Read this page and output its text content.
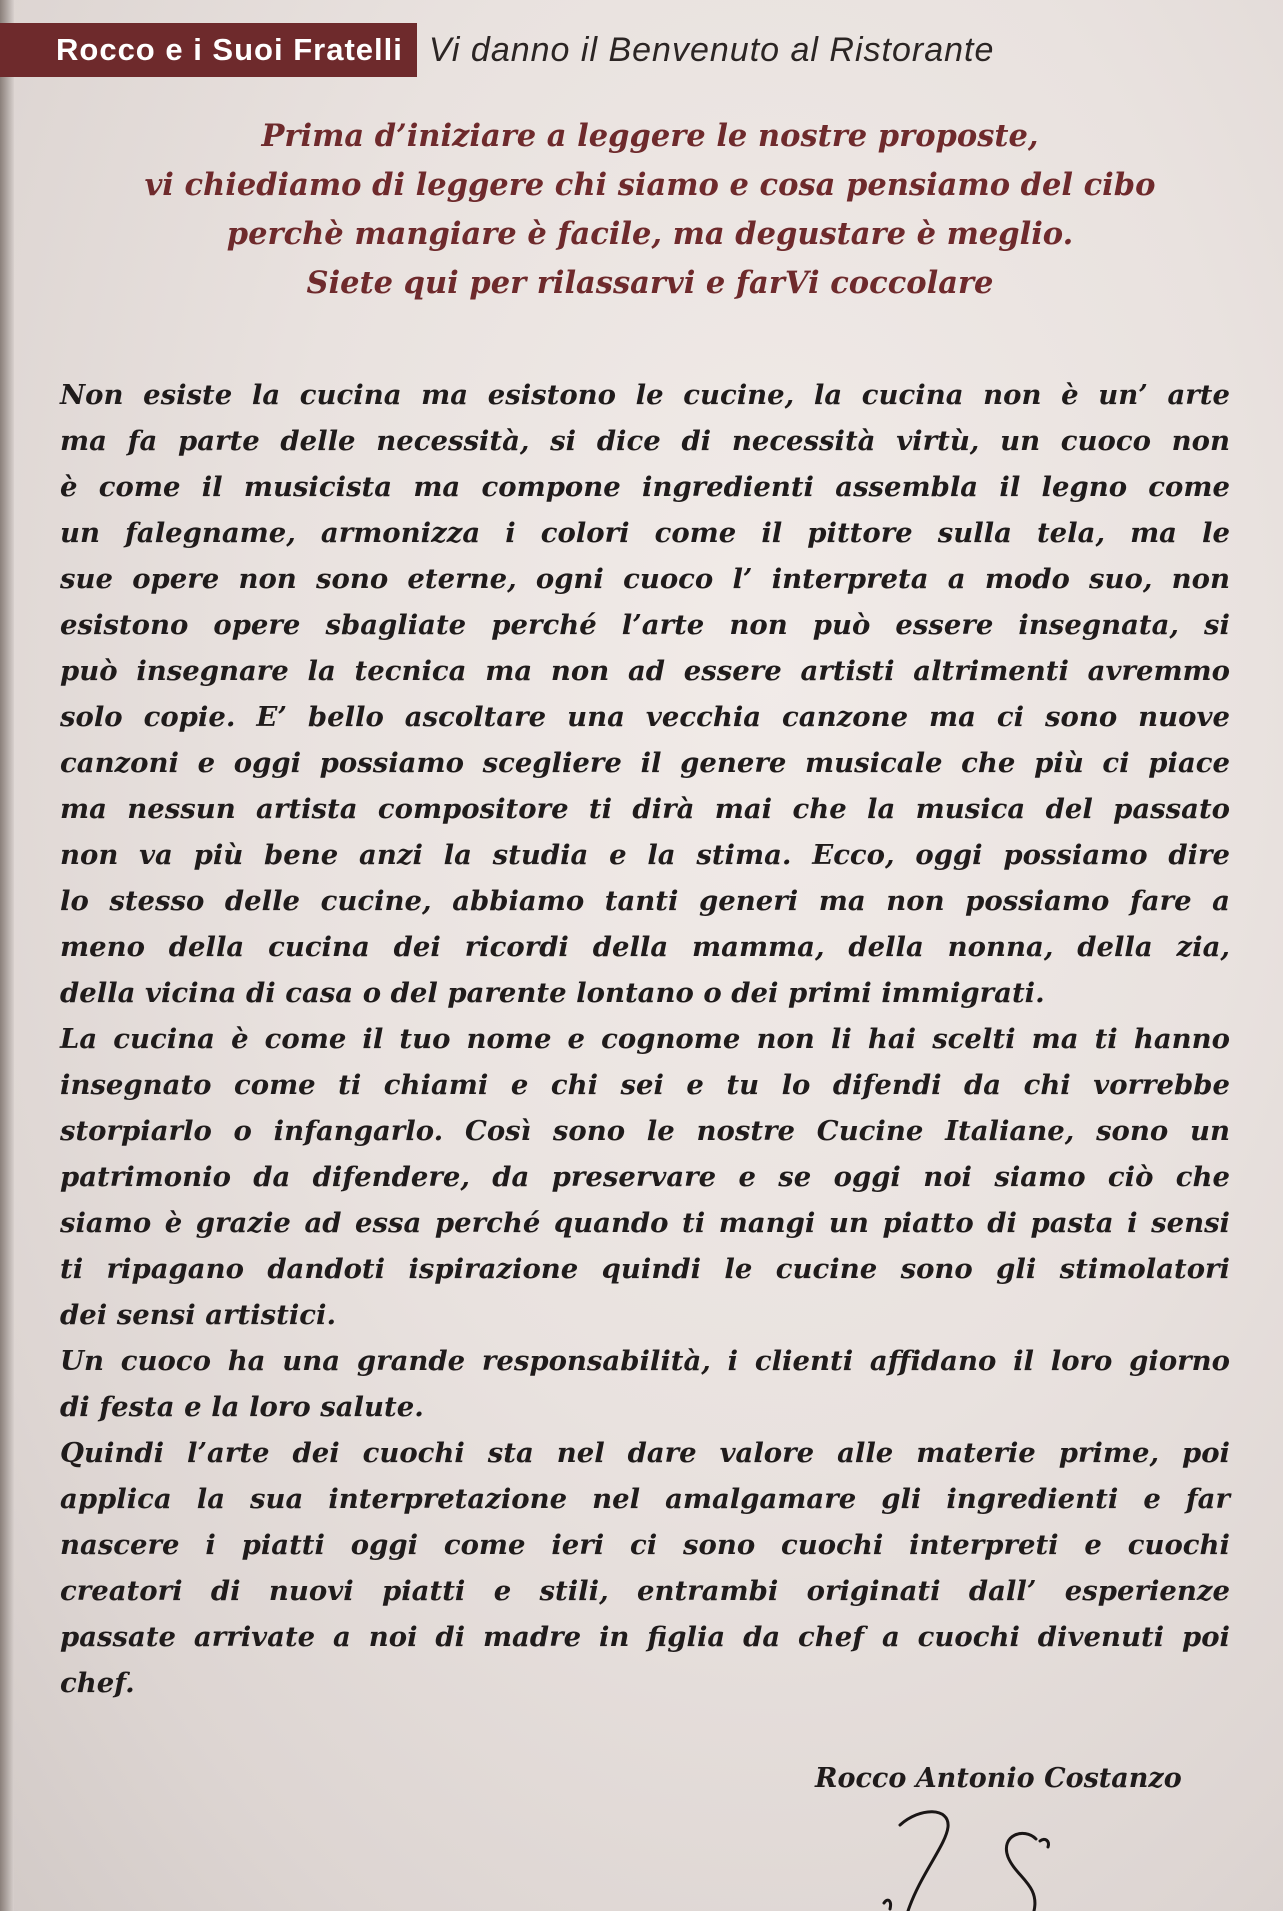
Rocco e i Suoi Fratelli Vi danno il Benvenuto al Ristorante
Prima d’iniziare a leggere le nostre proposte,
vi chiediamo di leggere chi siamo e cosa pensiamo del cibo
perchè mangiare è facile, ma degustare è meglio.
Siete qui per rilassarvi e farVi coccolare
Non esiste la cucina ma esistono le cucine, la cucina non è un’ arte
ma fa parte delle necessità, si dice di necessità virtù, un cuoco non
è come il musicista ma compone ingredienti assembla il legno come
un falegname, armonizza i colori come il pittore sulla tela, ma le
sue opere non sono eterne, ogni cuoco l’ interpreta a modo suo, non
esistono opere sbagliate perché l’arte non può essere insegnata, si
può insegnare la tecnica ma non ad essere artisti altrimenti avremmo
solo copie. E’ bello ascoltare una vecchia canzone ma ci sono nuove
canzoni e oggi possiamo scegliere il genere musicale che più ci piace
ma nessun artista compositore ti dirà mai che la musica del passato
non va più bene anzi la studia e la stima. Ecco, oggi possiamo dire
lo stesso delle cucine, abbiamo tanti generi ma non possiamo fare a
meno della cucina dei ricordi della mamma, della nonna, della zia,
della vicina di casa o del parente lontano o dei primi immigrati.
La cucina è come il tuo nome e cognome non li hai scelti ma ti hanno
insegnato come ti chiami e chi sei e tu lo difendi da chi vorrebbe
storpiarlo o infangarlo. Così sono le nostre Cucine Italiane, sono un
patrimonio da difendere, da preservare e se oggi noi siamo ciò che
siamo è grazie ad essa perché quando ti mangi un piatto di pasta i sensi
ti ripagano dandoti ispirazione quindi le cucine sono gli stimolatori
dei sensi artistici.
Un cuoco ha una grande responsabilità, i clienti affidano il loro giorno
di festa e la loro salute.
Quindi l’arte dei cuochi sta nel dare valore alle materie prime, poi
applica la sua interpretazione nel amalgamare gli ingredienti e far
nascere i piatti oggi come ieri ci sono cuochi interpreti e cuochi
creatori di nuovi piatti e stili, entrambi originati dall’ esperienze
passate arrivate a noi di madre in figlia da chef a cuochi divenuti poi
chef.
Rocco Antonio Costanzo
